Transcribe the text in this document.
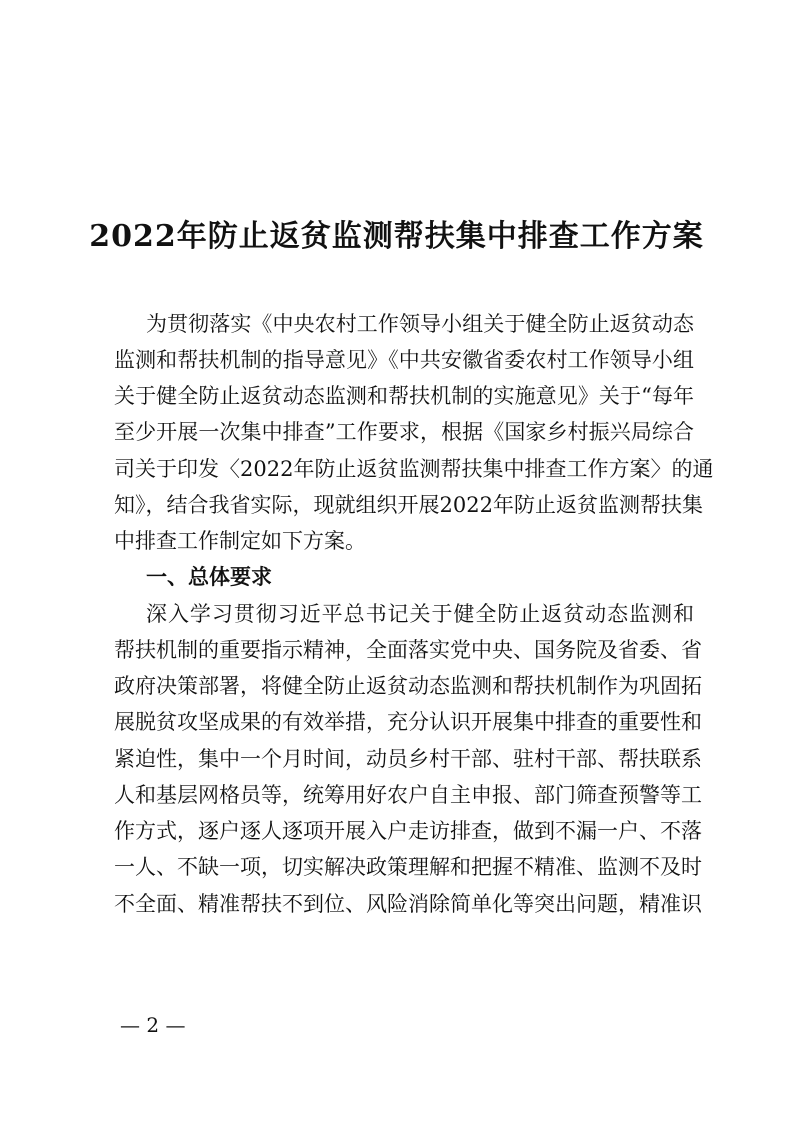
2022年防止返贫监测帮扶集中排查工作方案
为贯彻落实《中央农村工作领导小组关于健全防止返贫动态
监测和帮扶机制的指导意见》《中共安徽省委农村工作领导小组
关于健全防止返贫动态监测和帮扶机制的实施意见》关于“每年
至少开展一次集中排查”工作要求，根据《国家乡村振兴局综合
司关于印发〈2022年防止返贫监测帮扶集中排查工作方案〉的通
知》，结合我省实际，现就组织开展2022年防止返贫监测帮扶集
中排查工作制定如下方案。
一、总体要求
深入学习贯彻习近平总书记关于健全防止返贫动态监测和
帮扶机制的重要指示精神，全面落实党中央、国务院及省委、省
政府决策部署，将健全防止返贫动态监测和帮扶机制作为巩固拓
展脱贫攻坚成果的有效举措，充分认识开展集中排查的重要性和
紧迫性，集中一个月时间，动员乡村干部、驻村干部、帮扶联系
人和基层网格员等，统筹用好农户自主申报、部门筛查预警等工
作方式，逐户逐人逐项开展入户走访排查，做到不漏一户、不落
一人、不缺一项，切实解决政策理解和把握不精准、监测不及时
不全面、精准帮扶不到位、风险消除简单化等突出问题，精准识
— 2 —
